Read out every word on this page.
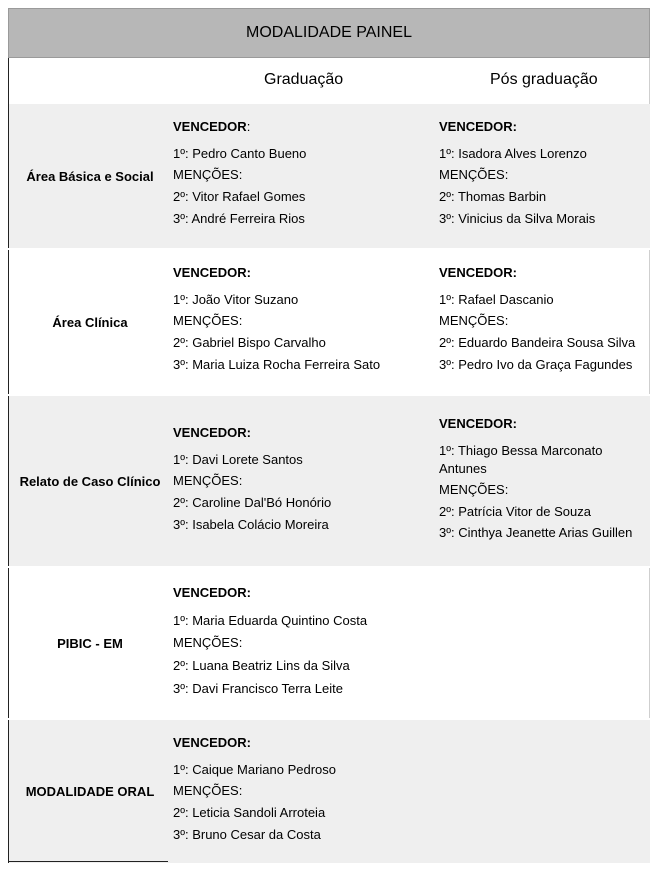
MODALIDADE PAINEL
Graduação	Pós graduação
Área Básica e Social
VENCEDOR:
1º: Pedro Canto Bueno
MENÇÕES:
2º: Vitor Rafael Gomes
3º: André Ferreira Rios
VENCEDOR:
1º: Isadora Alves Lorenzo
MENÇÕES:
2º: Thomas Barbin
3º: Vinicius da Silva Morais
Área Clínica
VENCEDOR:
1º: João Vitor Suzano
MENÇÕES:
2º: Gabriel Bispo Carvalho
3º: Maria Luiza Rocha Ferreira Sato
VENCEDOR:
1º: Rafael Dascanio
MENÇÕES:
2º: Eduardo Bandeira Sousa Silva
3º: Pedro Ivo da Graça Fagundes
Relato de Caso Clínico
VENCEDOR:
1º: Davi Lorete Santos
MENÇÕES:
2º: Caroline Dal'Bó Honório
3º: Isabela Colácio Moreira
VENCEDOR:
1º: Thiago Bessa Marconato Antunes
MENÇÕES:
2º: Patrícia Vitor de Souza
3º: Cinthya Jeanette Arias Guillen
PIBIC - EM
VENCEDOR:
1º: Maria Eduarda Quintino Costa
MENÇÕES:
2º: Luana Beatriz Lins da Silva
3º: Davi Francisco Terra Leite
MODALIDADE ORAL
VENCEDOR:
1º: Caique Mariano Pedroso
MENÇÕES:
2º: Leticia Sandoli Arroteia
3º: Bruno Cesar da Costa
